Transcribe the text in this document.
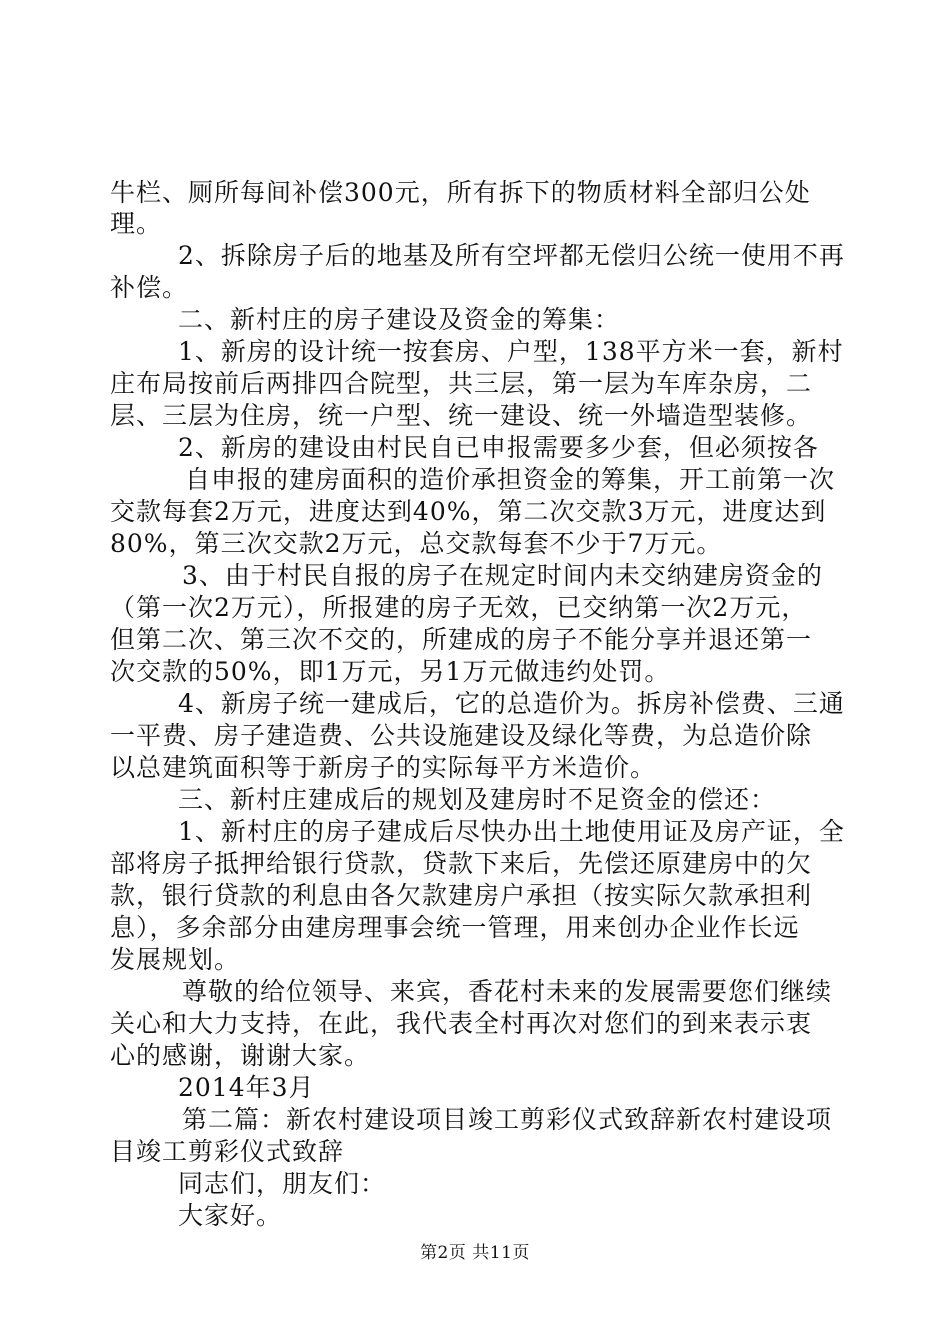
牛栏、厕所每间补偿300元，所有拆下的物质材料全部归公处
理。
2、拆除房子后的地基及所有空坪都无偿归公统一使用不再
补偿。
二、新村庄的房子建设及资金的筹集：
1、新房的设计统一按套房、户型，138平方米一套，新村
庄布局按前后两排四合院型，共三层，第一层为车库杂房，二
层、三层为住房，统一户型、统一建设、统一外墙造型装修。
2、新房的建设由村民自已申报需要多少套，但必须按各
自申报的建房面积的造价承担资金的筹集，开工前第一次
交款每套2万元，进度达到40%，第二次交款3万元，进度达到
80%，第三次交款2万元，总交款每套不少于7万元。
3、由于村民自报的房子在规定时间内未交纳建房资金的
（第一次2万元），所报建的房子无效，已交纳第一次2万元，
但第二次、第三次不交的，所建成的房子不能分享并退还第一
次交款的50%，即1万元，另1万元做违约处罚。
4、新房子统一建成后，它的总造价为。拆房补偿费、三通
一平费、房子建造费、公共设施建设及绿化等费，为总造价除
以总建筑面积等于新房子的实际每平方米造价。
三、新村庄建成后的规划及建房时不足资金的偿还：
1、新村庄的房子建成后尽快办出土地使用证及房产证，全
部将房子抵押给银行贷款，贷款下来后，先偿还原建房中的欠
款，银行贷款的利息由各欠款建房户承担（按实际欠款承担利
息），多余部分由建房理事会统一管理，用来创办企业作长远
发展规划。
尊敬的给位领导、来宾，香花村未来的发展需要您们继续
关心和大力支持，在此，我代表全村再次对您们的到来表示衷
心的感谢，谢谢大家。
2014年3月
第二篇：新农村建设项目竣工剪彩仪式致辞新农村建设项
目竣工剪彩仪式致辞
同志们，朋友们：
大家好。
第2页 共11页
